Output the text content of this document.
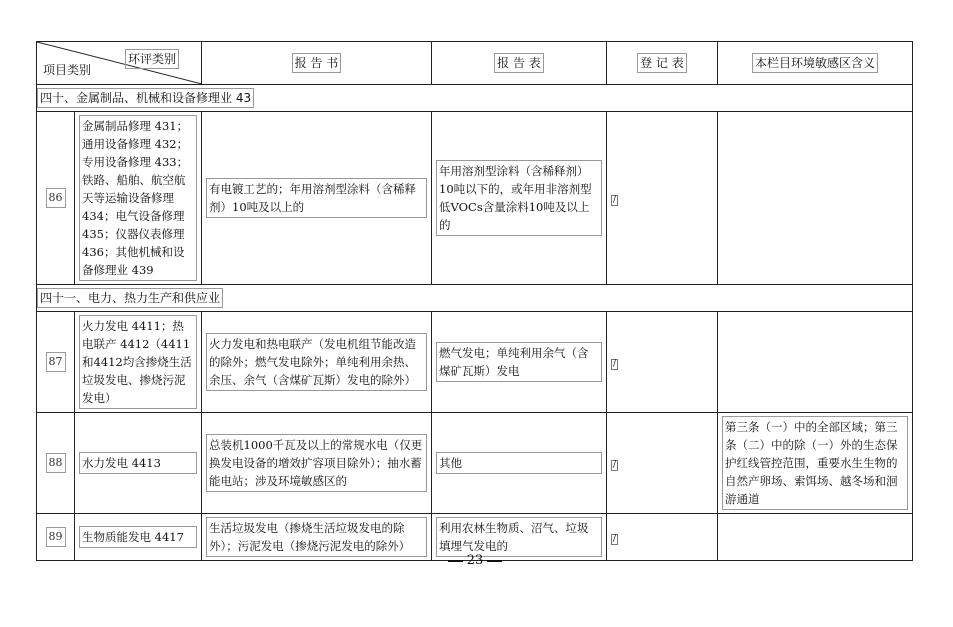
环评类别
项目类别		报 告 书	报 告 表	登 记 表	本栏目环境敏感区含义
四十、金属制品、机械和设备修理业 43					
86	金属制品修理 431；通用设备修理 432；专用设备修理 433；铁路、船舶、航空航天等运输设备修理434；电气设备修理435；仪器仪表修理436；其他机械和设备修理业 439	有电镀工艺的；年用溶剂型涂料（含稀释剂）10吨及以上的	年用溶剂型涂料（含稀释剂）10吨以下的，或年用非溶剂型低VOCs含量涂料10吨及以上的	/	

四十一、电力、热力生产和供应业					
87	火力发电 4411；热电联产 4412（4411和4412均含掺烧生活垃圾发电、掺烧污泥发电）	火力发电和热电联产（发电机组节能改造的除外；燃气发电除外；单纯利用余热、余压、余气（含煤矿瓦斯）发电的除外）	燃气发电；单纯利用余气（含煤矿瓦斯）发电	/	

88	水力发电 4413	总装机1000千瓦及以上的常规水电（仅更换发电设备的增效扩容项目除外）；抽水蓄能电站；涉及环境敏感区的	其他	/	第三条（一）中的全部区域；第三条（二）中的除（一）外的生态保护红线管控范围，重要水生生物的自然产卵场、索饵场、越冬场和洄游通道

89	生物质能发电 4417	生活垃圾发电（掺烧生活垃圾发电的除外）；污泥发电（掺烧污泥发电的除外）	利用农林生物质、沼气、垃圾填埋气发电的	/	
23
